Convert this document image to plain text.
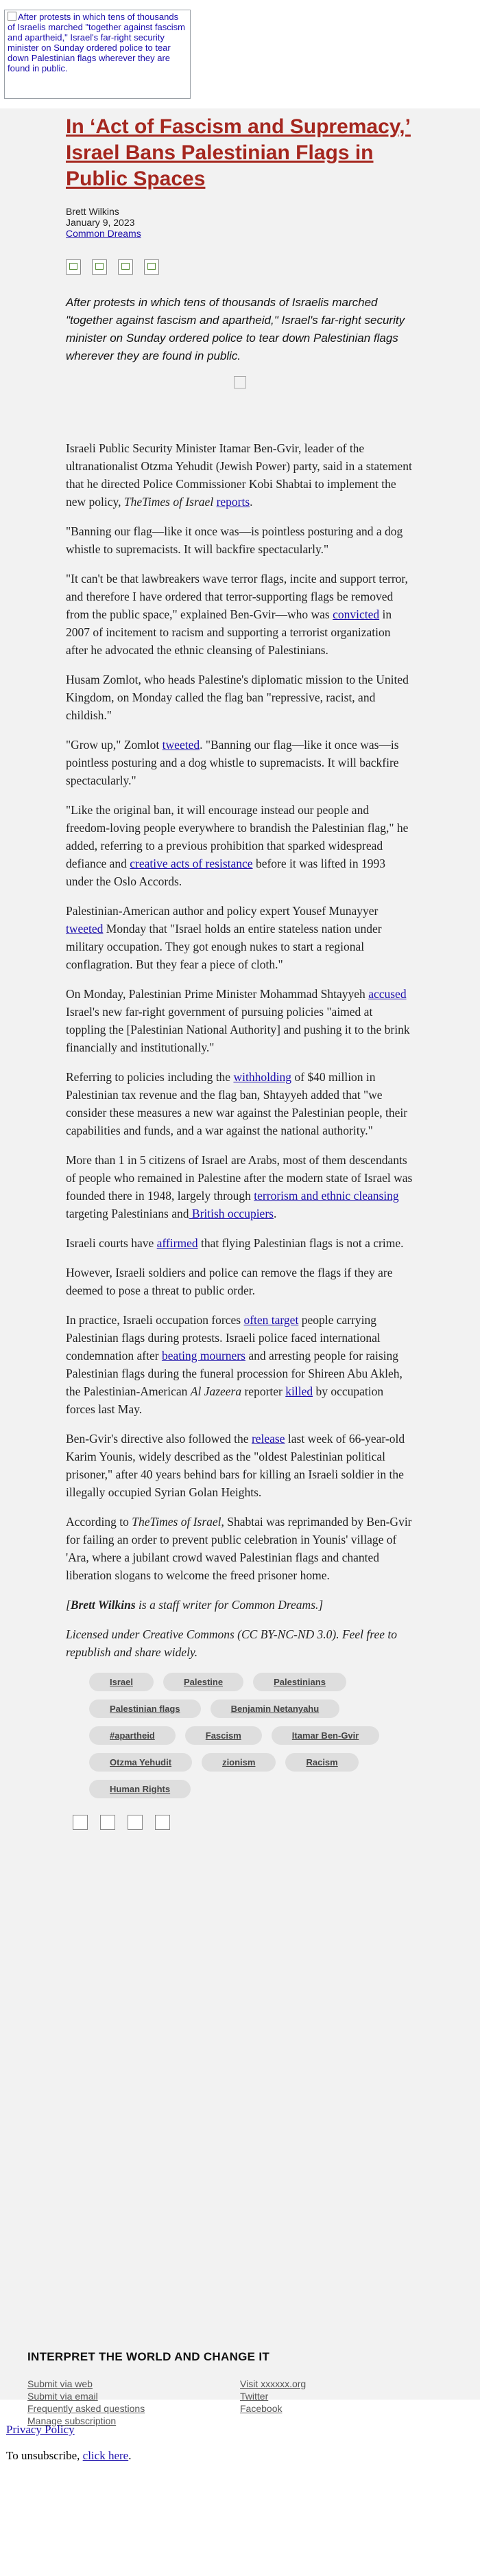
After protests in which tens of thousands of Israelis marched "together against fascism and apartheid," Israel's far-right security minister on Sunday ordered police to tear down Palestinian flags wherever they are found in public.
In ‘Act of Fascism and Supremacy,’ Israel Bans Palestinian Flags in Public Spaces
Brett Wilkins
January 9, 2023
Common Dreams
After protests in which tens of thousands of Israelis marched "together against fascism and apartheid," Israel's far-right security minister on Sunday ordered police to tear down Palestinian flags wherever they are found in public.

Israeli Public Security Minister Itamar Ben-Gvir, leader of the ultranationalist Otzma Yehudit (Jewish Power) party, said in a statement that he directed Police Commissioner Kobi Shabtai to implement the new policy, TheTimes of Israel reports.

"Banning our flag—like it once was—is pointless posturing and a dog whistle to supremacists. It will backfire spectacularly."

"It can't be that lawbreakers wave terror flags, incite and support terror, and therefore I have ordered that terror-supporting flags be removed from the public space," explained Ben-Gvir—who was convicted in 2007 of incitement to racism and supporting a terrorist organization after he advocated the ethnic cleansing of Palestinians.

Husam Zomlot, who heads Palestine's diplomatic mission to the United Kingdom, on Monday called the flag ban "repressive, racist, and childish."

"Grow up," Zomlot tweeted. "Banning our flag—like it once was—is pointless posturing and a dog whistle to supremacists. It will backfire spectacularly."

"Like the original ban, it will encourage instead our people and freedom-loving people everywhere to brandish the Palestinian flag," he added, referring to a previous prohibition that sparked widespread defiance and creative acts of resistance before it was lifted in 1993 under the Oslo Accords.

Palestinian-American author and policy expert Yousef Munayyer tweeted Monday that "Israel holds an entire stateless nation under military occupation. They got enough nukes to start a regional conflagration. But they fear a piece of cloth."

On Monday, Palestinian Prime Minister Mohammad Shtayyeh accused Israel's new far-right government of pursuing policies "aimed at toppling the [Palestinian National Authority] and pushing it to the brink financially and institutionally."

Referring to policies including the withholding of $40 million in Palestinian tax revenue and the flag ban, Shtayyeh added that "we consider these measures a new war against the Palestinian people, their capabilities and funds, and a war against the national authority."

More than 1 in 5 citizens of Israel are Arabs, most of them descendants of people who remained in Palestine after the modern state of Israel was founded there in 1948, largely through terrorism and ethnic cleansing targeting Palestinians and British occupiers.

Israeli courts have affirmed that flying Palestinian flags is not a crime.

However, Israeli soldiers and police can remove the flags if they are deemed to pose a threat to public order.

In practice, Israeli occupation forces often target people carrying Palestinian flags during protests. Israeli police faced international condemnation after beating mourners and arresting people for raising Palestinian flags during the funeral procession for Shireen Abu Akleh, the Palestinian-American Al Jazeera reporter killed by occupation forces last May.

Ben-Gvir's directive also followed the release last week of 66-year-old Karim Younis, widely described as the "oldest Palestinian political prisoner," after 40 years behind bars for killing an Israeli soldier in the illegally occupied Syrian Golan Heights.

According to TheTimes of Israel, Shabtai was reprimanded by Ben-Gvir for failing an order to prevent public celebration in Younis' village of 'Ara, where a jubilant crowd waved Palestinian flags and chanted liberation slogans to welcome the freed prisoner home.

[Brett Wilkins is a staff writer for Common Dreams.]

Licensed under Creative Commons (CC BY-NC-ND 3.0). Feel free to republish and share widely.

Israel	Palestine	PalestiniansPalestinian flags	Benjamin Netanyahu#apartheid	Fascism	Itamar Ben-GvirOtzma Yehudit	zionism	RacismHuman Rights
INTERPRET THE WORLD AND CHANGE IT
Submit via web
Submit via email
Frequently asked questions
Manage subscription
Visit xxxxxx.org
Twitter
Facebook
Privacy Policy
To unsubscribe, click here.
